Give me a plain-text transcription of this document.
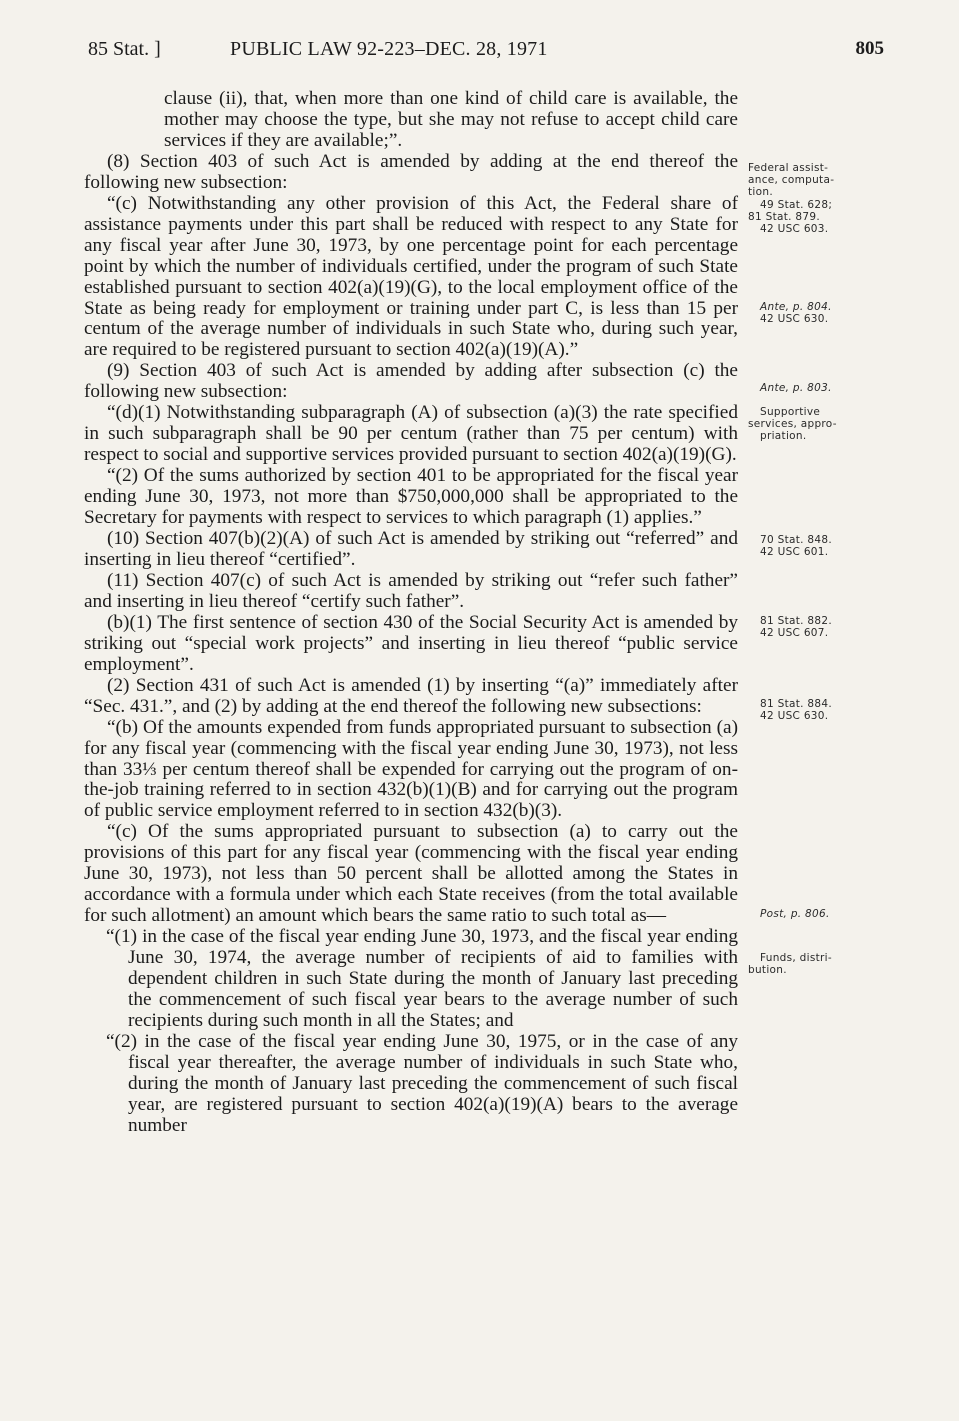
85 Stat. ]	PUBLIC LAW 92-223–DEC. 28, 1971	805

clause (ii), that, when more than one kind of child care is available, the mother may choose the type, but she may not refuse to accept child care services if they are available;”.

(8) Section 403 of such Act is amended by adding at the end thereof the following new subsection:

“(c) Notwithstanding any other provision of this Act, the Federal share of assistance payments under this part shall be reduced with respect to any State for any fiscal year after June 30, 1973, by one percentage point for each percentage point by which the number of individuals certified, under the program of such State established pursuant to section 402(a)(19)(G), to the local employment office of the State as being ready for employment or training under part C, is less than 15 per centum of the average number of individuals in such State who, during such year, are required to be registered pursuant to section 402(a)(19)(A).”

(9) Section 403 of such Act is amended by adding after subsection (c) the following new subsection:

“(d)(1) Notwithstanding subparagraph (A) of subsection (a)(3) the rate specified in such subparagraph shall be 90 per centum (rather than 75 per centum) with respect to social and supportive services provided pursuant to section 402(a)(19)(G).

“(2) Of the sums authorized by section 401 to be appropriated for the fiscal year ending June 30, 1973, not more than $750,000,000 shall be appropriated to the Secretary for payments with respect to services to which paragraph (1) applies.”

(10) Section 407(b)(2)(A) of such Act is amended by striking out “referred” and inserting in lieu thereof “certified”.

(11) Section 407(c) of such Act is amended by striking out “refer such father” and inserting in lieu thereof “certify such father”.

(b)(1) The first sentence of section 430 of the Social Security Act is amended by striking out “special work projects” and inserting in lieu thereof “public service employment”.

(2) Section 431 of such Act is amended (1) by inserting “(a)” immediately after “Sec. 431.”, and (2) by adding at the end thereof the following new subsections:

“(b) Of the amounts expended from funds appropriated pursuant to subsection (a) for any fiscal year (commencing with the fiscal year ending June 30, 1973), not less than 33⅓ per centum thereof shall be expended for carrying out the program of on-the-job training referred to in section 432(b)(1)(B) and for carrying out the program of public service employment referred to in section 432(b)(3).

“(c) Of the sums appropriated pursuant to subsection (a) to carry out the provisions of this part for any fiscal year (commencing with the fiscal year ending June 30, 1973), not less than 50 percent shall be allotted among the States in accordance with a formula under which each State receives (from the total available for such allotment) an amount which bears the same ratio to such total as—

“(1) in the case of the fiscal year ending June 30, 1973, and the fiscal year ending June 30, 1974, the average number of recipients of aid to families with dependent children in such State during the month of January last preceding the commencement of such fiscal year bears to the average number of such recipients during such month in all the States; and

“(2) in the case of the fiscal year ending June 30, 1975, or in the case of any fiscal year thereafter, the average number of individuals in such State who, during the month of January last preceding the commencement of such fiscal year, are registered pursuant to section 402(a)(19)(A) bears to the average number

Federal assist-
ance, computa-
tion.
49 Stat. 628;
81 Stat. 879.
42 USC 603.
Ante, p. 804.
42 USC 630.
Ante, p. 803.
Supportive
services, appro-
priation.
70 Stat. 848.
42 USC 601.
81 Stat. 882.
42 USC 607.
81 Stat. 884.
42 USC 630.
Post, p. 806.
Funds, distri-
bution.
